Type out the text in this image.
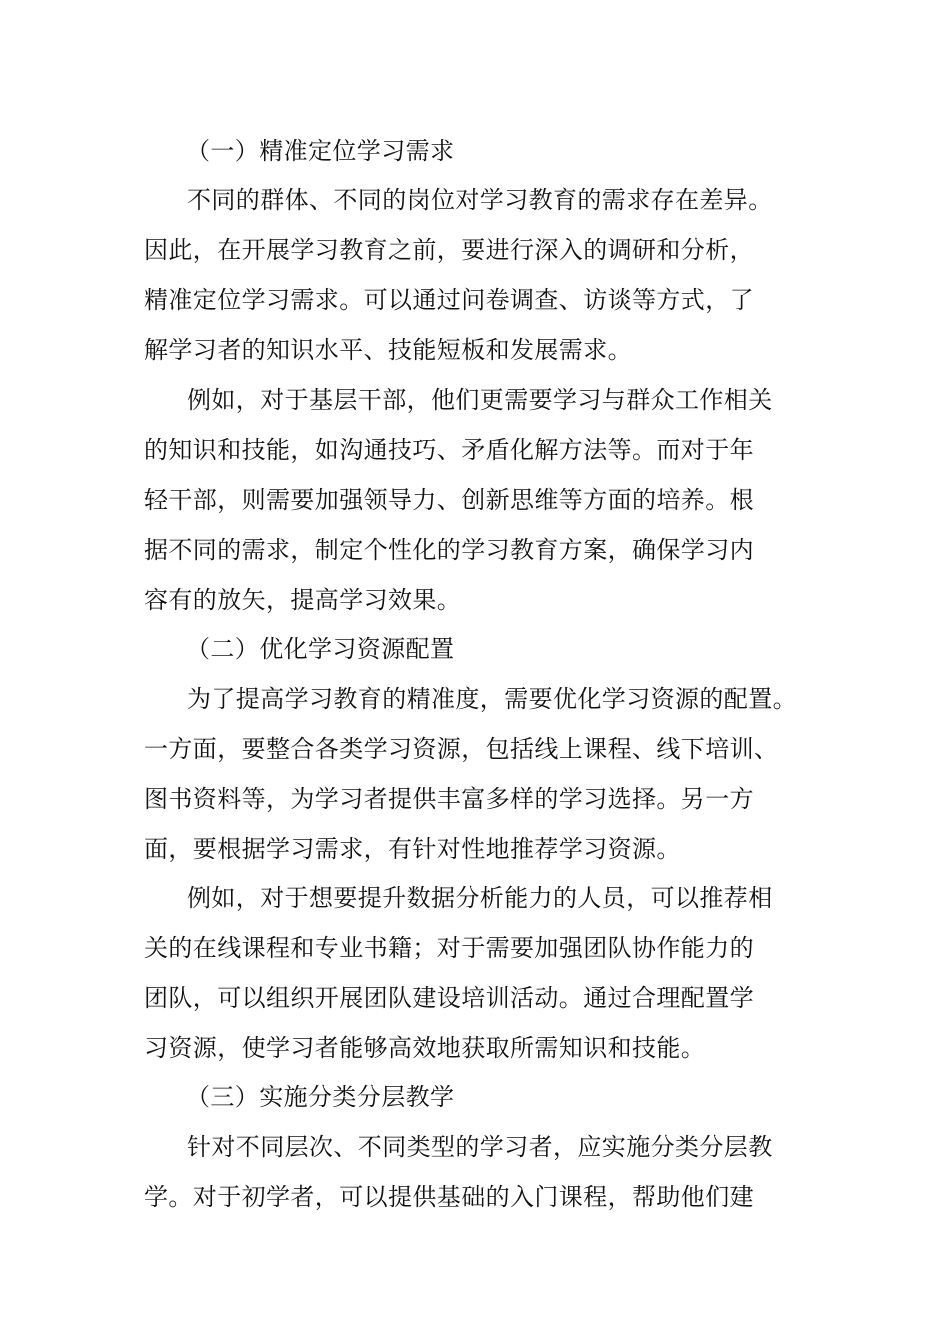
（一）精准定位学习需求
不同的群体、不同的岗位对学习教育的需求存在差异。
因此，在开展学习教育之前，要进行深入的调研和分析，
精准定位学习需求。可以通过问卷调查、访谈等方式，了
解学习者的知识水平、技能短板和发展需求。
例如，对于基层干部，他们更需要学习与群众工作相关
的知识和技能，如沟通技巧、矛盾化解方法等。而对于年
轻干部，则需要加强领导力、创新思维等方面的培养。根
据不同的需求，制定个性化的学习教育方案，确保学习内
容有的放矢，提高学习效果。
（二）优化学习资源配置
为了提高学习教育的精准度，需要优化学习资源的配置。
一方面，要整合各类学习资源，包括线上课程、线下培训、
图书资料等，为学习者提供丰富多样的学习选择。另一方
面，要根据学习需求，有针对性地推荐学习资源。
例如，对于想要提升数据分析能力的人员，可以推荐相
关的在线课程和专业书籍；对于需要加强团队协作能力的
团队，可以组织开展团队建设培训活动。通过合理配置学
习资源，使学习者能够高效地获取所需知识和技能。
（三）实施分类分层教学
针对不同层次、不同类型的学习者，应实施分类分层教
学。对于初学者，可以提供基础的入门课程，帮助他们建
